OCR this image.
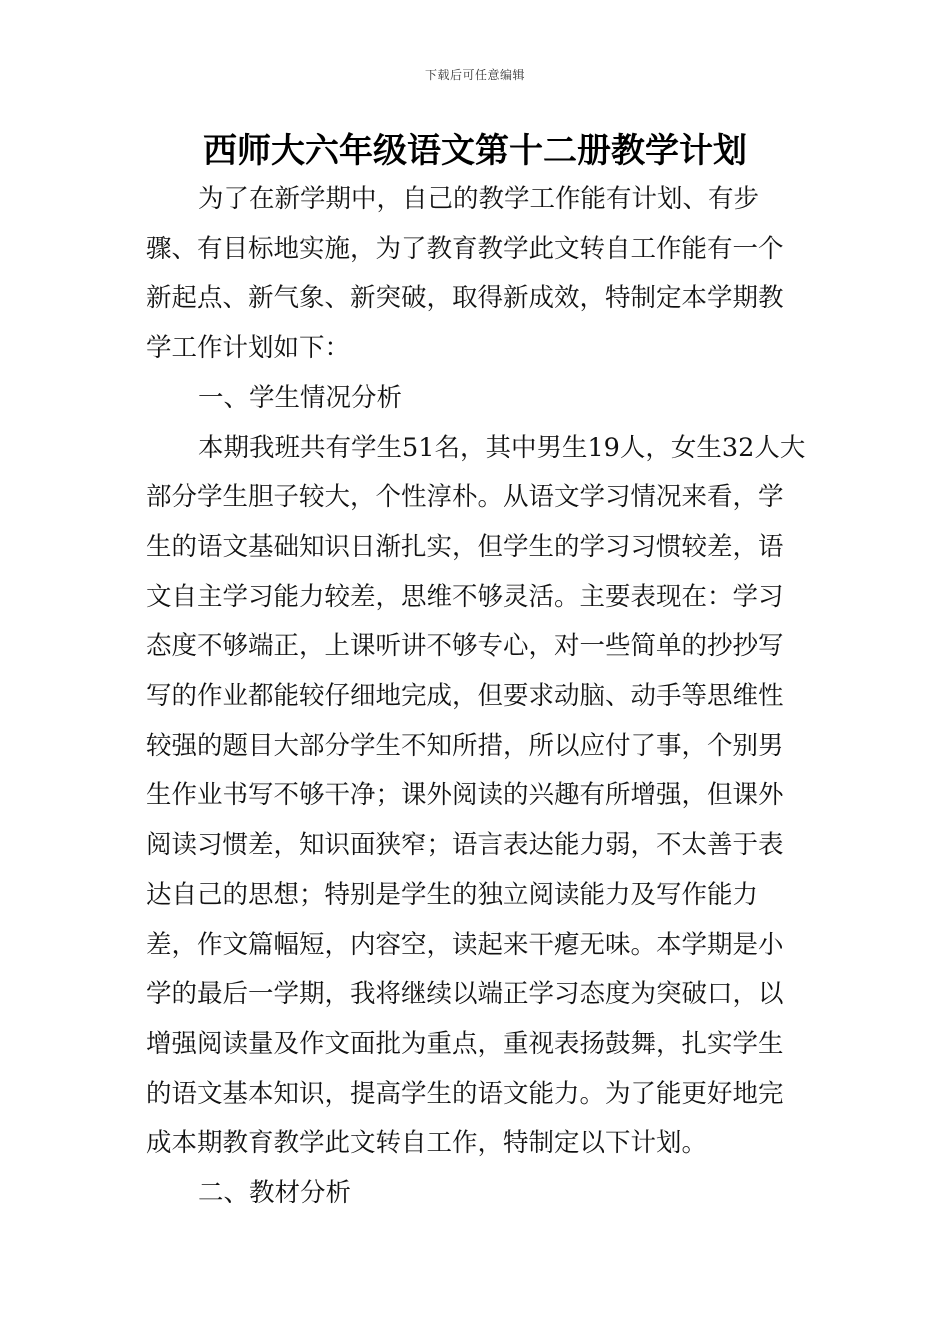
下载后可任意编辑
西师大六年级语文第十二册教学计划

为了在新学期中，自己的教学工作能有计划、有步骤、有目标地实施，为了教育教学此文转自工作能有一个新起点、新气象、新突破，取得新成效，特制定本学期教学工作计划如下：

一、学生情况分析

本期我班共有学生51名，其中男生19人，女生32人大部分学生胆子较大，个性淳朴。从语文学习情况来看，学生的语文基础知识日渐扎实，但学生的学习习惯较差，语文自主学习能力较差，思维不够灵活。主要表现在：学习态度不够端正，上课听讲不够专心，对一些简单的抄抄写写的作业都能较仔细地完成，但要求动脑、动手等思维性较强的题目大部分学生不知所措，所以应付了事，个别男生作业书写不够干净；课外阅读的兴趣有所增强，但课外阅读习惯差，知识面狭窄；语言表达能力弱，不太善于表达自己的思想；特别是学生的独立阅读能力及写作能力差，作文篇幅短，内容空，读起来干瘪无味。本学期是小学的最后一学期，我将继续以端正学习态度为突破口，以增强阅读量及作文面批为重点，重视表扬鼓舞，扎实学生的语文基本知识，提高学生的语文能力。为了能更好地完成本期教育教学此文转自工作，特制定以下计划。

二、教材分析
